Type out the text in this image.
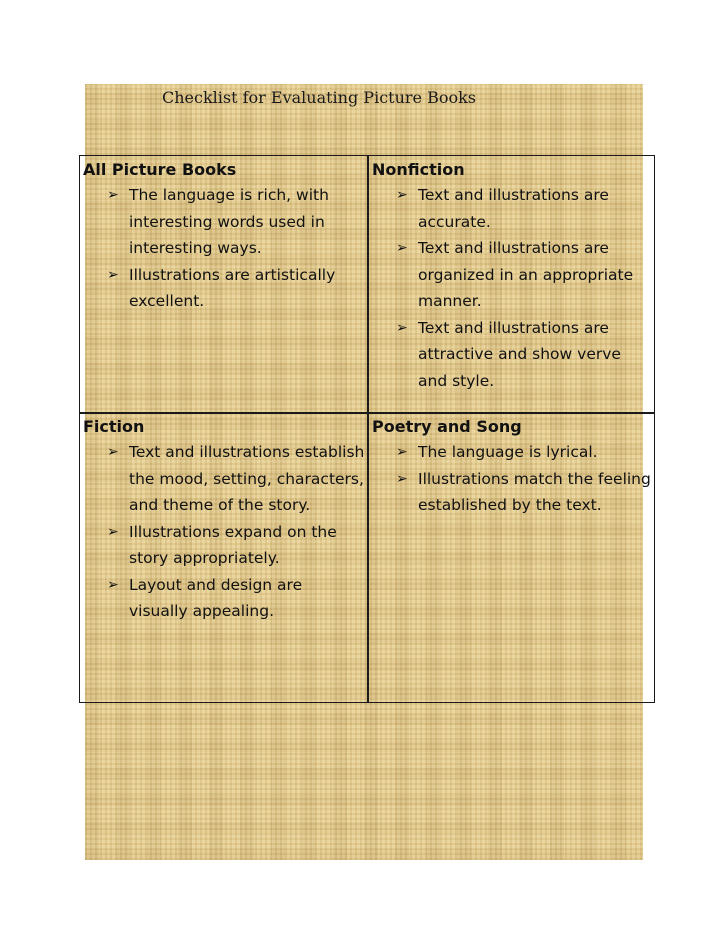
Checklist for Evaluating Picture Books
All Picture Books
➢ The language is rich, with interesting words used in interesting ways.
➢ Illustrations are artistically excellent.
Nonfiction
➢ Text and illustrations are accurate.
➢ Text and illustrations are organized in an appropriate manner.
➢ Text and illustrations are attractive and show verve and style.
Fiction
➢ Text and illustrations establish the mood, setting, characters, and theme of the story.
➢ Illustrations expand on the story appropriately.
➢ Layout and design are visually appealing.
Poetry and Song
➢ The language is lyrical.
➢ Illustrations match the feeling established by the text.
